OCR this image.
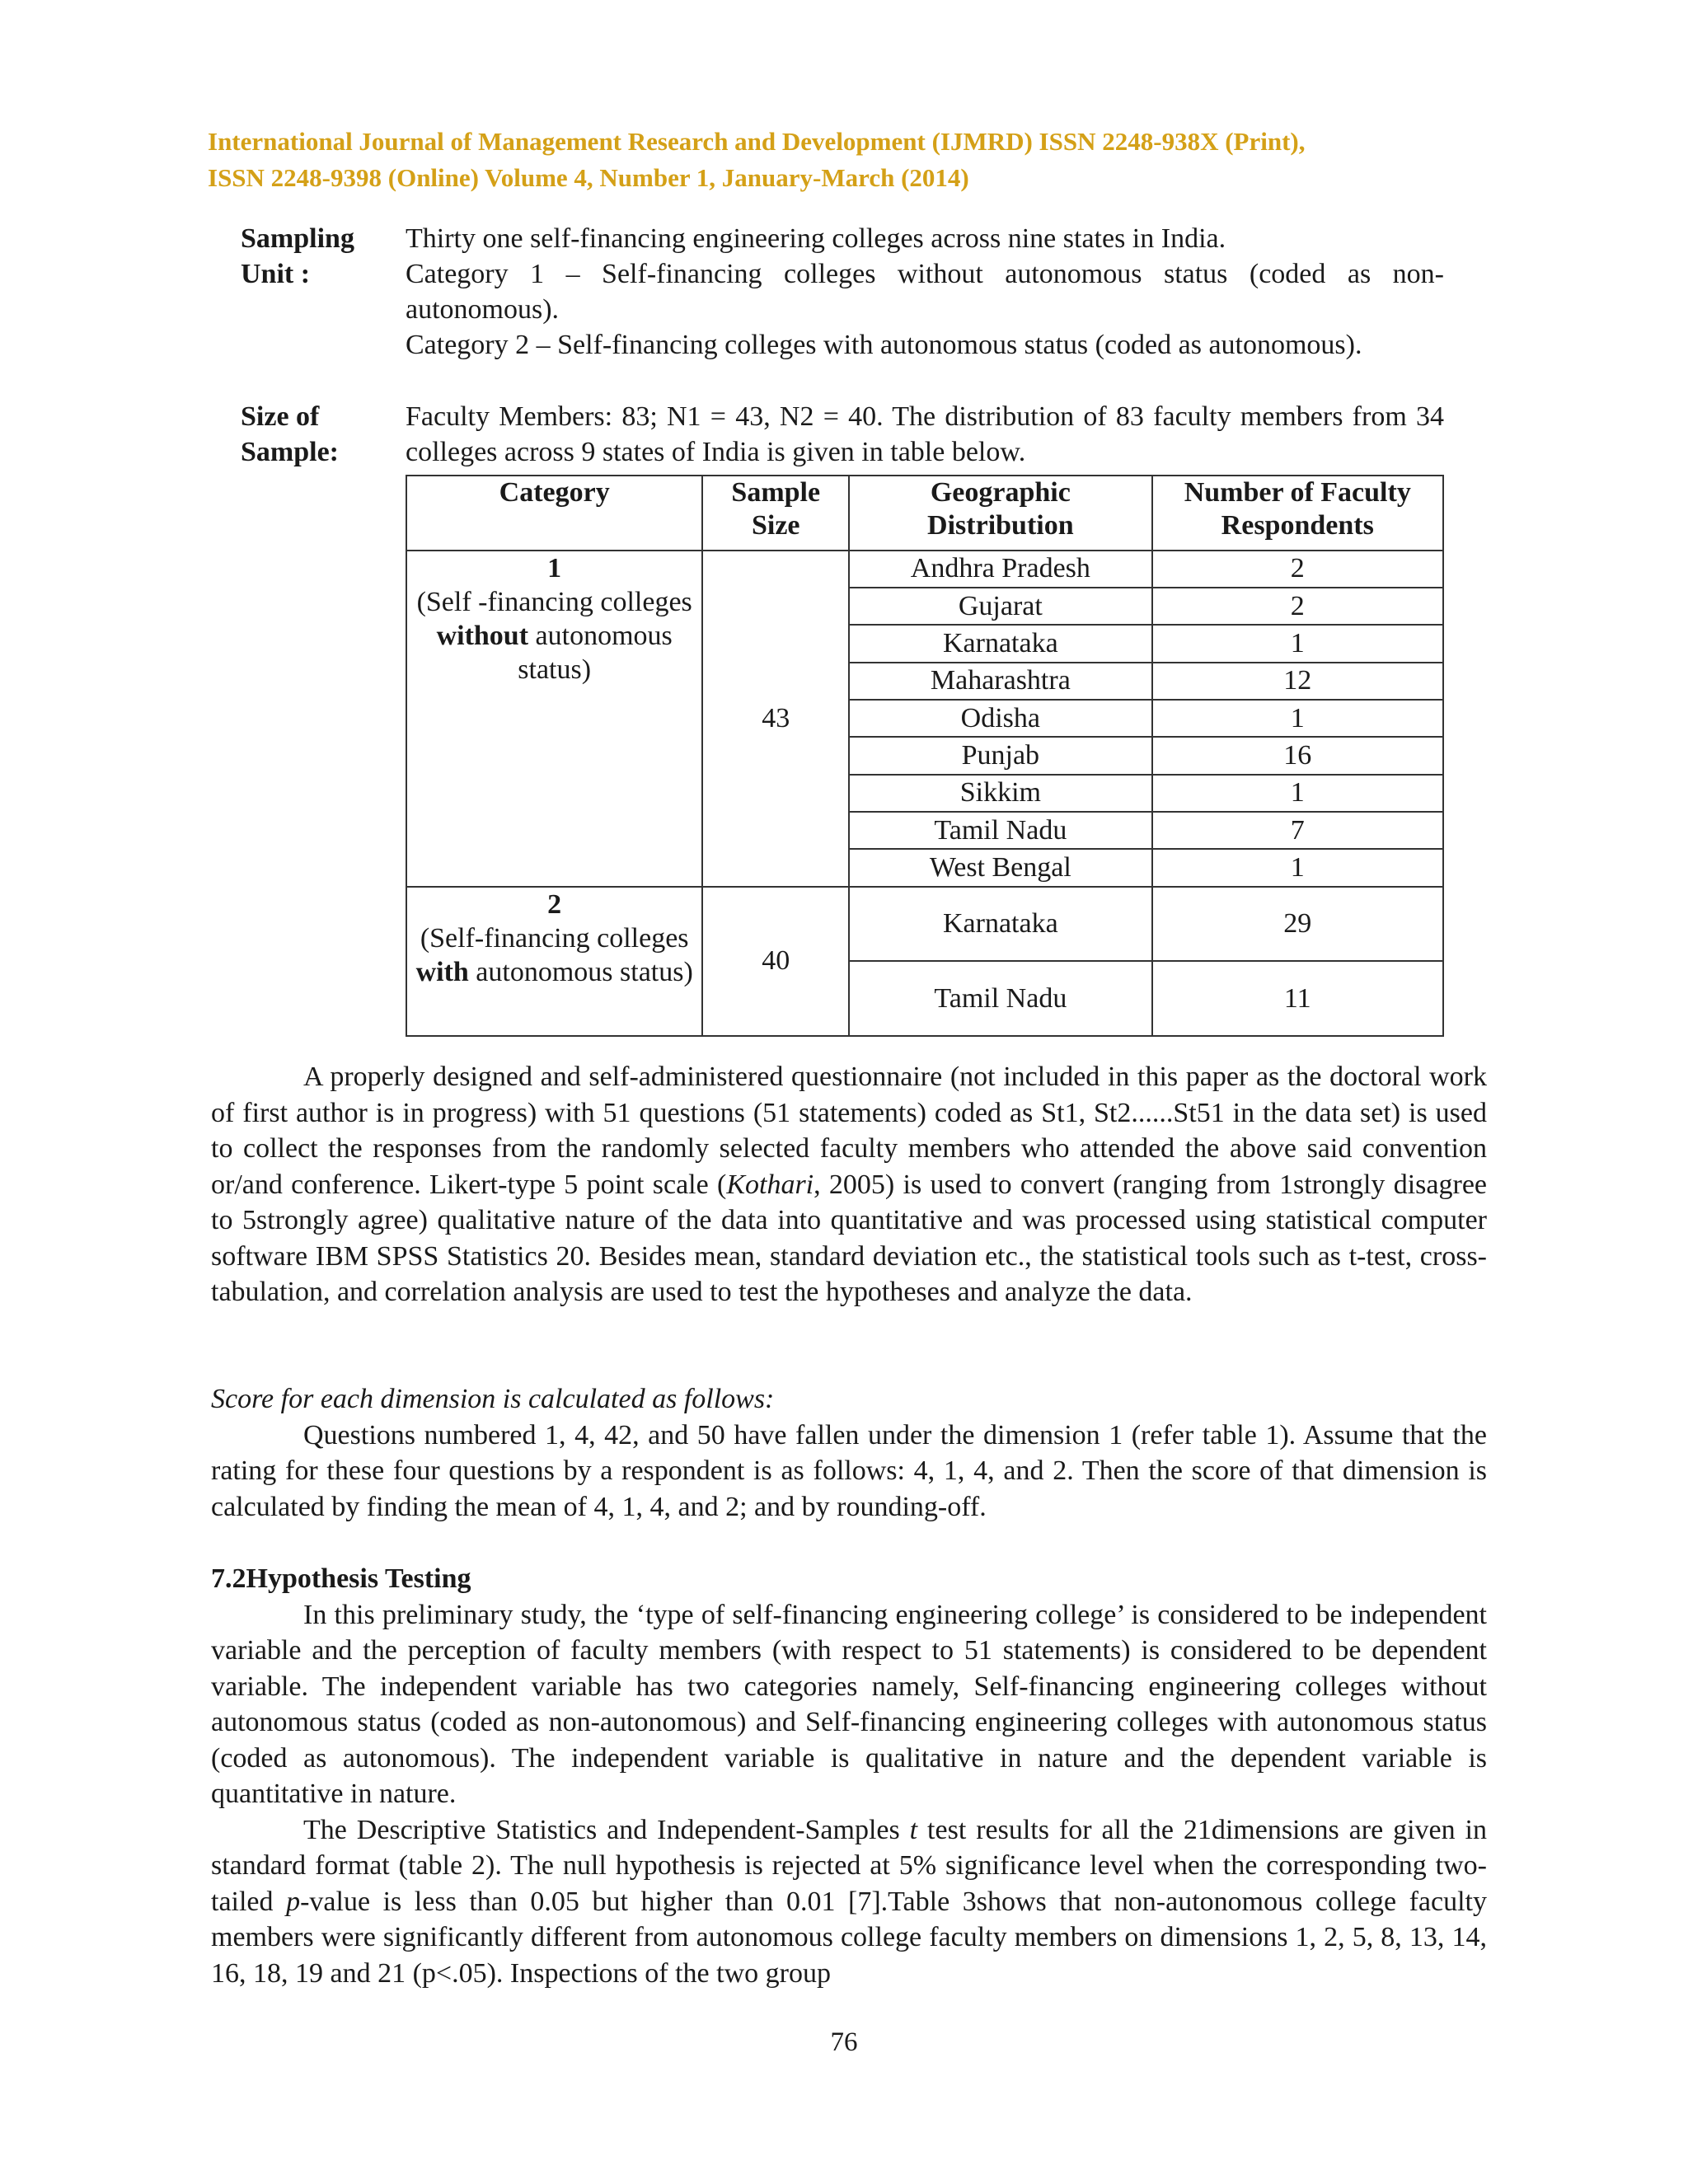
International Journal of Management Research and Development (IJMRD) ISSN 2248-938X (Print),
ISSN 2248-9398 (Online) Volume 4, Number 1, January-March (2014)
Sampling
Unit :
Thirty one self-financing engineering colleges across nine states in India.
Category 1 – Self-financing colleges without autonomous status (coded as non-autonomous).
Category 2 – Self-financing colleges with autonomous status (coded as autonomous).
Size of
Sample:
Faculty Members: 83; N1 = 43, N2 = 40. The distribution of 83 faculty members from 34 colleges across 9 states of India is given in table below.
Category	Sample Size	Geographic Distribution	Number of Faculty Respondents

1
(Self -financing colleges without autonomous status)	43	Andhra Pradesh	2
		Gujarat	2
		Karnataka	1
		Maharashtra	12
		Odisha	1
		Punjab	16
		Sikkim	1
		Tamil Nadu	7
		West Bengal	1

2
(Self-financing colleges with autonomous status)	40	Karnataka	29
		Tamil Nadu	11

A properly designed and self-administered questionnaire (not included in this paper as the doctoral work of first author is in progress) with 51 questions (51 statements) coded as St1, St2......St51 in the data set) is used to collect the responses from the randomly selected faculty members who attended the above said convention or/and conference. Likert-type 5 point scale (Kothari, 2005) is used to convert (ranging from 1strongly disagree to 5strongly agree) qualitative nature of the data into quantitative and was processed using statistical computer software IBM SPSS Statistics 20. Besides mean, standard deviation etc., the statistical tools such as t-test, cross-tabulation, and correlation analysis are used to test the hypotheses and analyze the data.

Score for each dimension is calculated as follows:

Questions numbered 1, 4, 42, and 50 have fallen under the dimension 1 (refer table 1). Assume that the rating for these four questions by a respondent is as follows: 4, 1, 4, and 2. Then the score of that dimension is calculated by finding the mean of 4, 1, 4, and 2; and by rounding-off.

7.2Hypothesis Testing

In this preliminary study, the ‘type of self-financing engineering college’ is considered to be independent variable and the perception of faculty members (with respect to 51 statements) is considered to be dependent variable. The independent variable has two categories namely, Self-financing engineering colleges without autonomous status (coded as non-autonomous) and Self-financing engineering colleges with autonomous status (coded as autonomous). The independent variable is qualitative in nature and the dependent variable is quantitative in nature.

The Descriptive Statistics and Independent-Samples t test results for all the 21dimensions are given in standard format (table 2). The null hypothesis is rejected at 5% significance level when the corresponding two-tailed p-value is less than 0.05 but higher than 0.01 [7].Table 3shows that non-autonomous college faculty members were significantly different from autonomous college faculty members on dimensions 1, 2, 5, 8, 13, 14, 16, 18, 19 and 21 (p<.05). Inspections of the two group

76
